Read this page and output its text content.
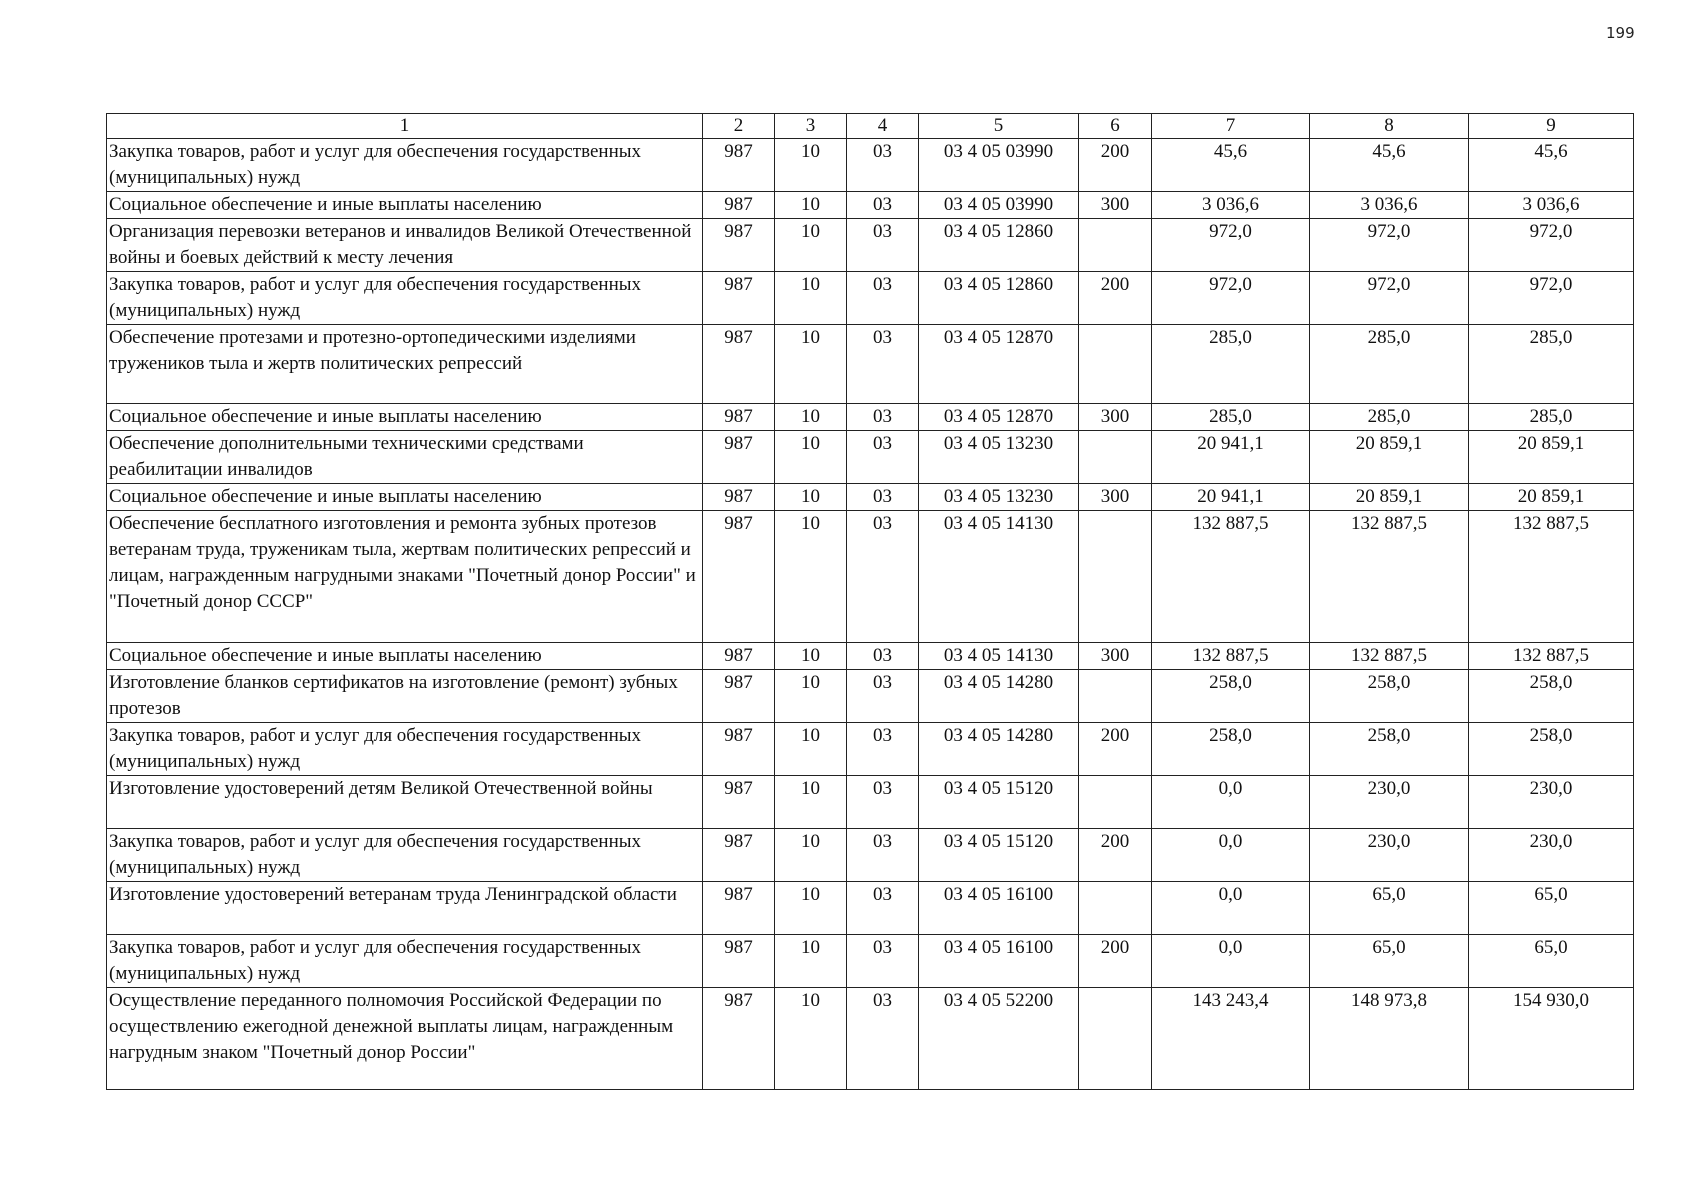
199
1	2	3	4	5	6	7	8	9
Закупка товаров, работ и услуг для обеспечения государственных (муниципальных) нужд	987	10	03	03 4 05 03990	200	45,6	45,6	45,6
Социальное обеспечение и иные выплаты населению	987	10	03	03 4 05 03990	300	3 036,6	3 036,6	3 036,6
Организация перевозки ветеранов и инвалидов Великой Отечественной войны и боевых действий к месту лечения	987	10	03	03 4 05 12860		972,0	972,0	972,0
Закупка товаров, работ и услуг для обеспечения государственных (муниципальных) нужд	987	10	03	03 4 05 12860	200	972,0	972,0	972,0
Обеспечение протезами и протезно-ортопедическими изделиями тружеников тыла и жертв политических репрессий	987	10	03	03 4 05 12870		285,0	285,0	285,0
Социальное обеспечение и иные выплаты населению	987	10	03	03 4 05 12870	300	285,0	285,0	285,0
Обеспечение дополнительными техническими средствами реабилитации инвалидов	987	10	03	03 4 05 13230		20 941,1	20 859,1	20 859,1
Социальное обеспечение и иные выплаты населению	987	10	03	03 4 05 13230	300	20 941,1	20 859,1	20 859,1
Обеспечение бесплатного изготовления и ремонта зубных протезов ветеранам труда, труженикам тыла, жертвам политических репрессий и лицам, награжденным нагрудными знаками "Почетный донор России" и "Почетный донор СССР"	987	10	03	03 4 05 14130		132 887,5	132 887,5	132 887,5
Социальное обеспечение и иные выплаты населению	987	10	03	03 4 05 14130	300	132 887,5	132 887,5	132 887,5
Изготовление бланков сертификатов на изготовление (ремонт) зубных протезов	987	10	03	03 4 05 14280		258,0	258,0	258,0
Закупка товаров, работ и услуг для обеспечения государственных (муниципальных) нужд	987	10	03	03 4 05 14280	200	258,0	258,0	258,0
Изготовление удостоверений детям Великой Отечественной войны	987	10	03	03 4 05 15120		0,0	230,0	230,0
Закупка товаров, работ и услуг для обеспечения государственных (муниципальных) нужд	987	10	03	03 4 05 15120	200	0,0	230,0	230,0
Изготовление удостоверений ветеранам труда Ленинградской области	987	10	03	03 4 05 16100		0,0	65,0	65,0
Закупка товаров, работ и услуг для обеспечения государственных (муниципальных) нужд	987	10	03	03 4 05 16100	200	0,0	65,0	65,0
Осуществление переданного полномочия Российской Федерации по осуществлению ежегодной денежной выплаты лицам, награжденным нагрудным знаком "Почетный донор России"	987	10	03	03 4 05 52200		143 243,4	148 973,8	154 930,0
